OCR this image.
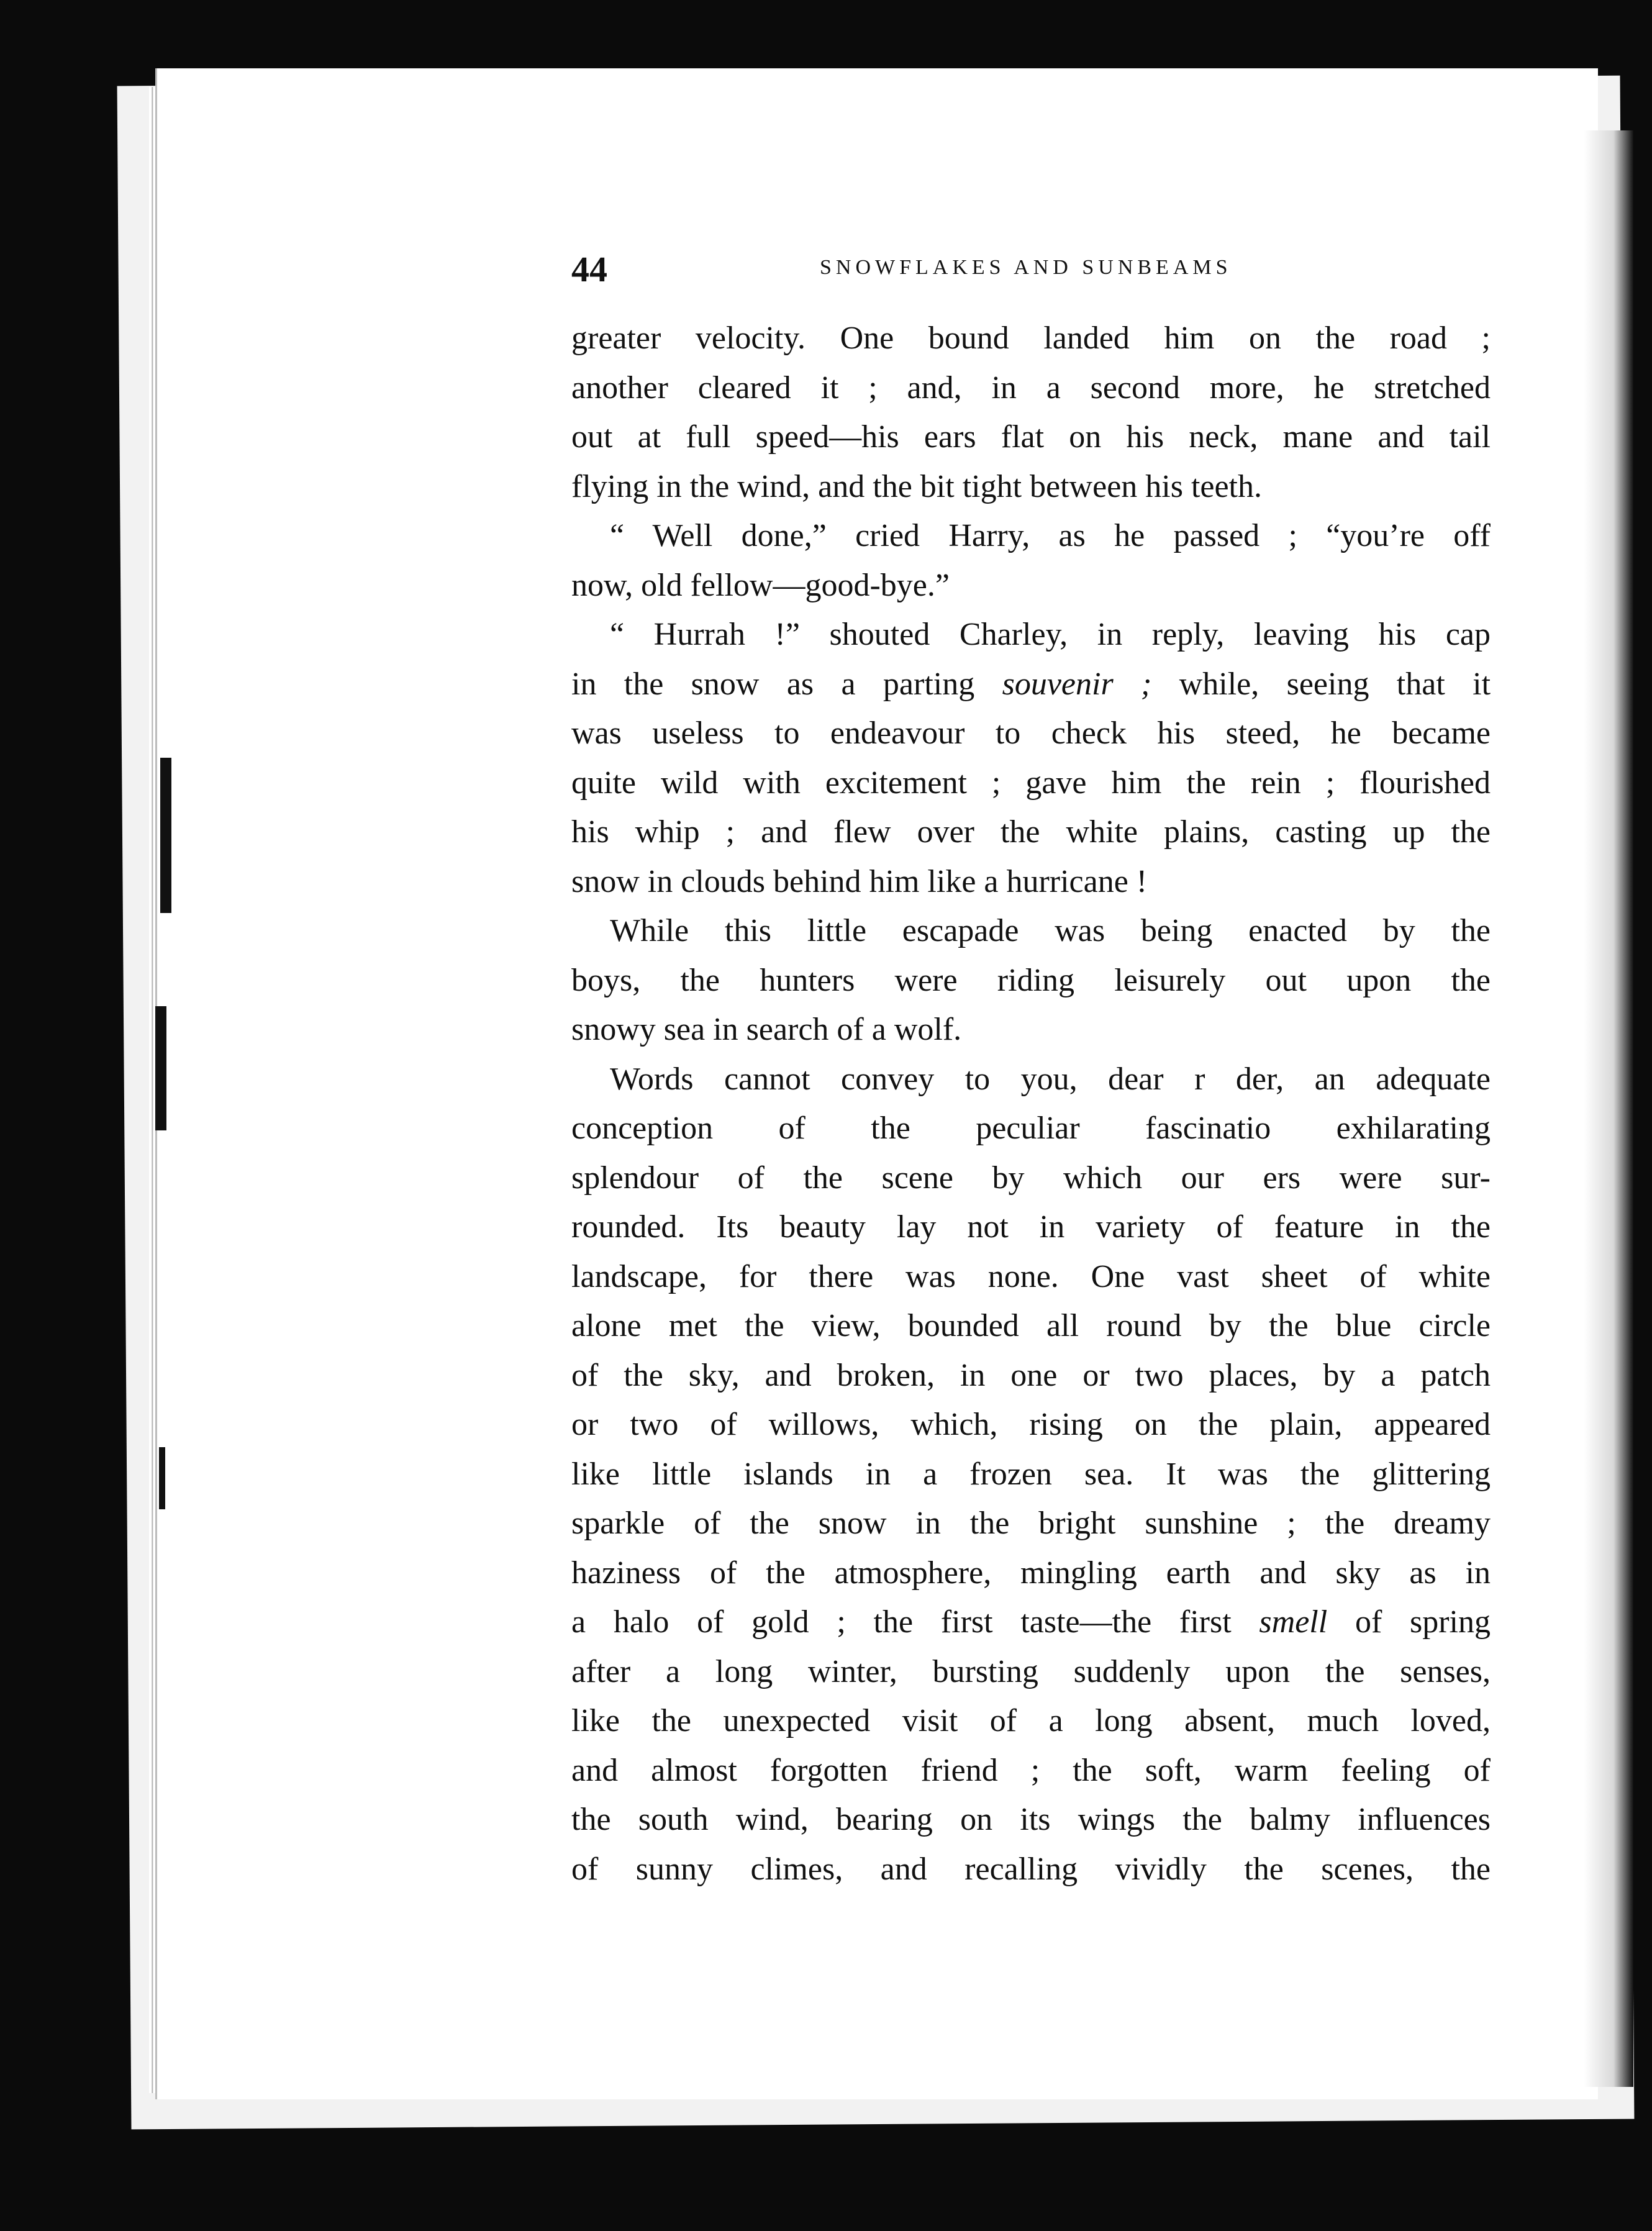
44	SNOWFLAKES AND SUNBEAMS
greater velocity. One bound landed him on the road ;
another cleared it ; and, in a second more, he stretched
out at full speed—his ears flat on his neck, mane and tail
flying in the wind, and the bit tight between his teeth.
“ Well done,” cried Harry, as he passed ; “you’re off
now, old fellow—good-bye.”
“ Hurrah !” shouted Charley, in reply, leaving his cap
in the snow as a parting souvenir ; while, seeing that it
was useless to endeavour to check his steed, he became
quite wild with excitement ; gave him the rein ; flourished
his whip ; and flew over the white plains, casting up the
snow in clouds behind him like a hurricane !
While this little escapade was being enacted by the
boys, the hunters were riding leisurely out upon the
snowy sea in search of a wolf.
Words cannot convey to you, dear r der, an adequate
conception of the peculiar fascinatio exhilarating
splendour of the scene by which our ers were sur-
rounded. Its beauty lay not in variety of feature in the
landscape, for there was none. One vast sheet of white
alone met the view, bounded all round by the blue circle
of the sky, and broken, in one or two places, by a patch
or two of willows, which, rising on the plain, appeared
like little islands in a frozen sea. It was the glittering
sparkle of the snow in the bright sunshine ; the dreamy
haziness of the atmosphere, mingling earth and sky as in
a halo of gold ; the first taste—the first smell of spring
after a long winter, bursting suddenly upon the senses,
like the unexpected visit of a long absent, much loved,
and almost forgotten friend ; the soft, warm feeling of
the south wind, bearing on its wings the balmy influences
of sunny climes, and recalling vividly the scenes, the
